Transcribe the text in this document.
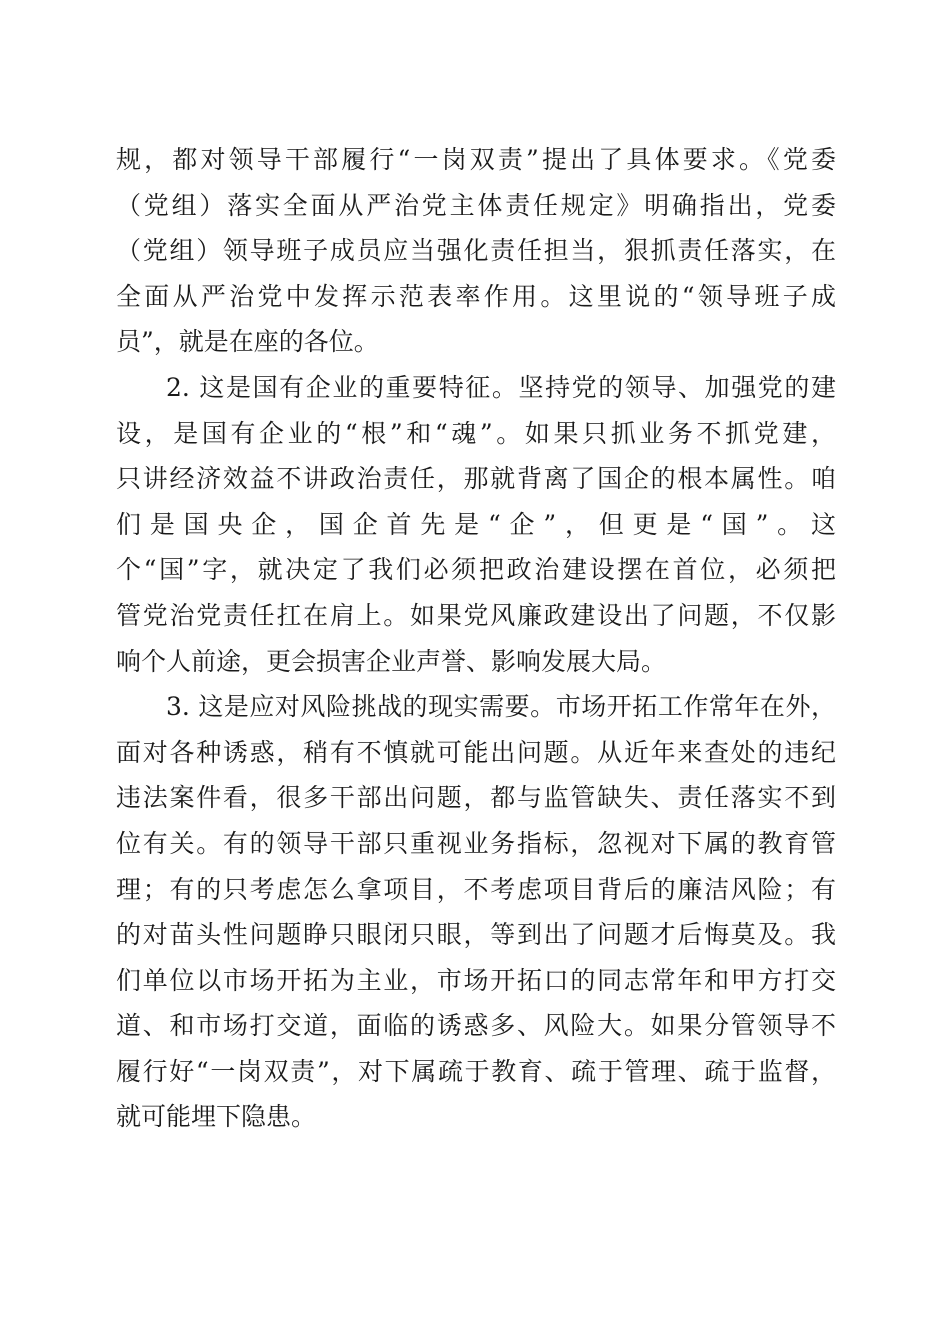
规，都对领导干部履行“一岗双责”提出了具体要求。《党委
（党组）落实全面从严治党主体责任规定》明确指出，党委
（党组）领导班子成员应当强化责任担当，狠抓责任落实，在
全面从严治党中发挥示范表率作用。这里说的“领导班子成
员”，就是在座的各位。
2. 这是国有企业的重要特征。坚持党的领导、加强党的建
设，是国有企业的“根”和“魂”。如果只抓业务不抓党建，
只讲经济效益不讲政治责任，那就背离了国企的根本属性。咱
们是国央企，国企首先是“企”，但更是“国”。这
个“国”字，就决定了我们必须把政治建设摆在首位，必须把
管党治党责任扛在肩上。如果党风廉政建设出了问题，不仅影
响个人前途，更会损害企业声誉、影响发展大局。
3. 这是应对风险挑战的现实需要。市场开拓工作常年在外，
面对各种诱惑，稍有不慎就可能出问题。从近年来查处的违纪
违法案件看，很多干部出问题，都与监管缺失、责任落实不到
位有关。有的领导干部只重视业务指标，忽视对下属的教育管
理；有的只考虑怎么拿项目，不考虑项目背后的廉洁风险；有
的对苗头性问题睁只眼闭只眼，等到出了问题才后悔莫及。我
们单位以市场开拓为主业，市场开拓口的同志常年和甲方打交
道、和市场打交道，面临的诱惑多、风险大。如果分管领导不
履行好“一岗双责”，对下属疏于教育、疏于管理、疏于监督，
就可能埋下隐患。
